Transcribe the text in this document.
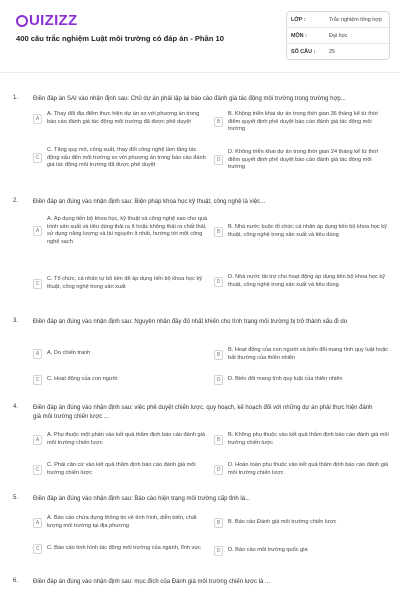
UIZIZZ
400 câu trắc nghiệm Luật môi trường có đáp án - Phần 10
LỚP :	Trắc nghiệm tổng hợp
MÔN :	Đại học
SỐ CÂU :	25
1. Điền đáp án SAI vào nhận định sau: Chủ dự án phải lập lại báo cáo đánh giá tác động môi trường trong trường hợp...
A
A. Thay đổi địa điểm thực hiện dự án so với phương án trong báo cáo đánh giá tác động môi trường đã được phê duyệt	B
B. Không triển khai dự án trong thời gian 36 tháng kể từ thời điểm quyết định phê duyệt báo cáo đánh giá tác động môi trường
C
C. Tăng quy mô, công suất, thay đổi công nghệ làm tăng tác động xấu đến môi trường so với phương án trong báo cáo đánh giá tác động môi trường đã được phê duyệt
D
D. Không triển khai dự án trong thời gian 24 tháng kể từ thời điểm quyết định phê duyệt báo cáo đánh giá tác động môi trường
2. Điền đáp án đúng vào nhận định sau: Biện pháp khoa học kỹ thuật, công nghệ là việc...
A
A. Áp dụng tiến bộ khoa học, kỹ thuật và công nghệ sao cho quá trình sản xuất và tiêu dùng thải ra ít hoặc không thải ra chất thải, sử dụng năng lượng và tài nguyên ít nhất, hướng tới một công nghệ sạch
B
B. Nhà nước buộc tổ chức cá nhân áp dụng tiến bộ khoa học kỹ thuật, công nghệ trong sản xuất và tiêu dùng
C
C. Tổ chức, cá nhân tự bỏ tiền để áp dụng tiến bộ khoa học kỹ thuật, công nghệ trong sản xuất
D
D. Nhà nước tài trợ cho hoạt động áp dụng tiến bộ khoa học kỹ thuật, công nghệ trong sản xuất và tiêu dùng
3. Điền đáp án đúng vào nhận định sau: Nguyên nhân đầy đủ nhất khiến cho tình trạng môi trường bị trở thành xấu đi do
A	A. Do chiến tranh	B
B. Hoạt động của con người và biến đổi mang tính quy luật hoặc bất thường của thiên nhiên
C	C. Hoạt động của con người	D	D. Biến đổi mang tính quy luật của thiên nhiên
4. Điền đáp án đúng vào nhận định sau: việc phê duyệt chiến lược, quy hoạch, kế hoạch đối với những dự án phải thực hiện đánh giá môi trường chiến lược ...
A
A. Phụ thuộc một phần vào kết quả thẩm định báo cáo đánh giá môi trường chiến lược	B
B. Không phụ thuộc vào kết quả thẩm định báo cáo đánh giá môi trường chiến lược
C
C. Phải căn cứ vào kết quả thẩm định báo cáo đánh giá môi trường chiến lược	D
D. Hoàn toàn phụ thuộc vào kết quả thẩm định báo cáo đánh giá môi trường chiến lược
5. Điền đáp án đúng vào nhận định sau: Báo cáo hiện trạng môi trường cấp tỉnh là...
A
A. Báo cáo chứa đựng thông tin về tình hình, diễn biến, chất lượng môi trường tại địa phương	B	B. Báo cáo Đánh giá môi trường chiến lược
C	C. Báo cáo tình hình tác động môi trường của ngành, lĩnh vực	D	D. Báo cáo môi trường quốc gia
6. Điền đáp án đúng vào nhận định sau: mục đích của Đánh giá môi trường chiến lược là ...
